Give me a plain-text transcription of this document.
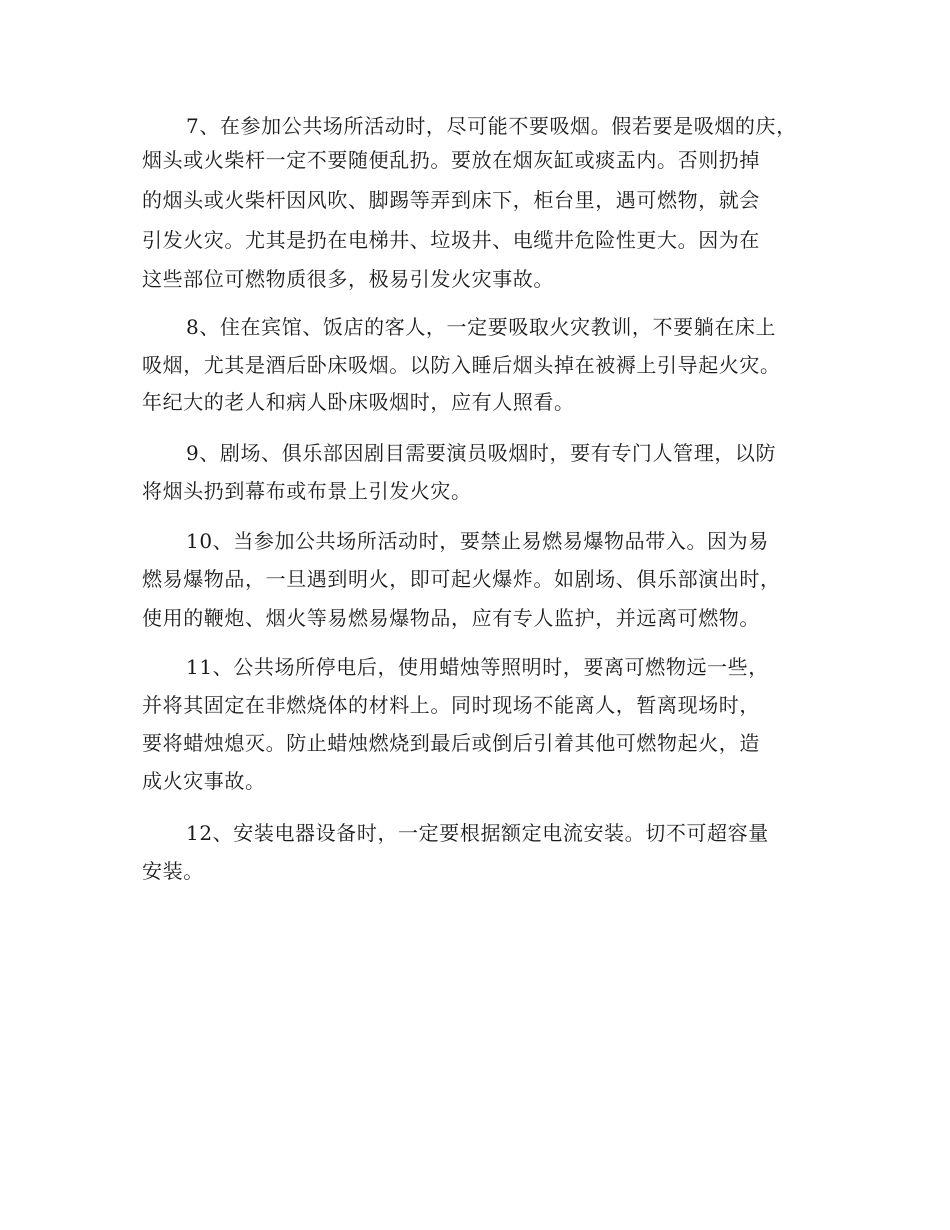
7、在参加公共场所活动时，尽可能不要吸烟。假若要是吸烟的庆，
烟头或火柴杆一定不要随便乱扔。要放在烟灰缸或痰盂内。否则扔掉
的烟头或火柴杆因风吹、脚踢等弄到床下，柜台里，遇可燃物，就会
引发火灾。尤其是扔在电梯井、垃圾井、电缆井危险性更大。因为在
这些部位可燃物质很多，极易引发火灾事故。
8、住在宾馆、饭店的客人，一定要吸取火灾教训，不要躺在床上
吸烟，尤其是酒后卧床吸烟。以防入睡后烟头掉在被褥上引导起火灾。
年纪大的老人和病人卧床吸烟时，应有人照看。
9、剧场、俱乐部因剧目需要演员吸烟时，要有专门人管理，以防
将烟头扔到幕布或布景上引发火灾。
10、当参加公共场所活动时，要禁止易燃易爆物品带入。因为易
燃易爆物品，一旦遇到明火，即可起火爆炸。如剧场、俱乐部演出时，
使用的鞭炮、烟火等易燃易爆物品，应有专人监护，并远离可燃物。
11、公共场所停电后，使用蜡烛等照明时，要离可燃物远一些，
并将其固定在非燃烧体的材料上。同时现场不能离人，暂离现场时，
要将蜡烛熄灭。防止蜡烛燃烧到最后或倒后引着其他可燃物起火，造
成火灾事故。
12、安装电器设备时，一定要根据额定电流安装。切不可超容量
安装。
